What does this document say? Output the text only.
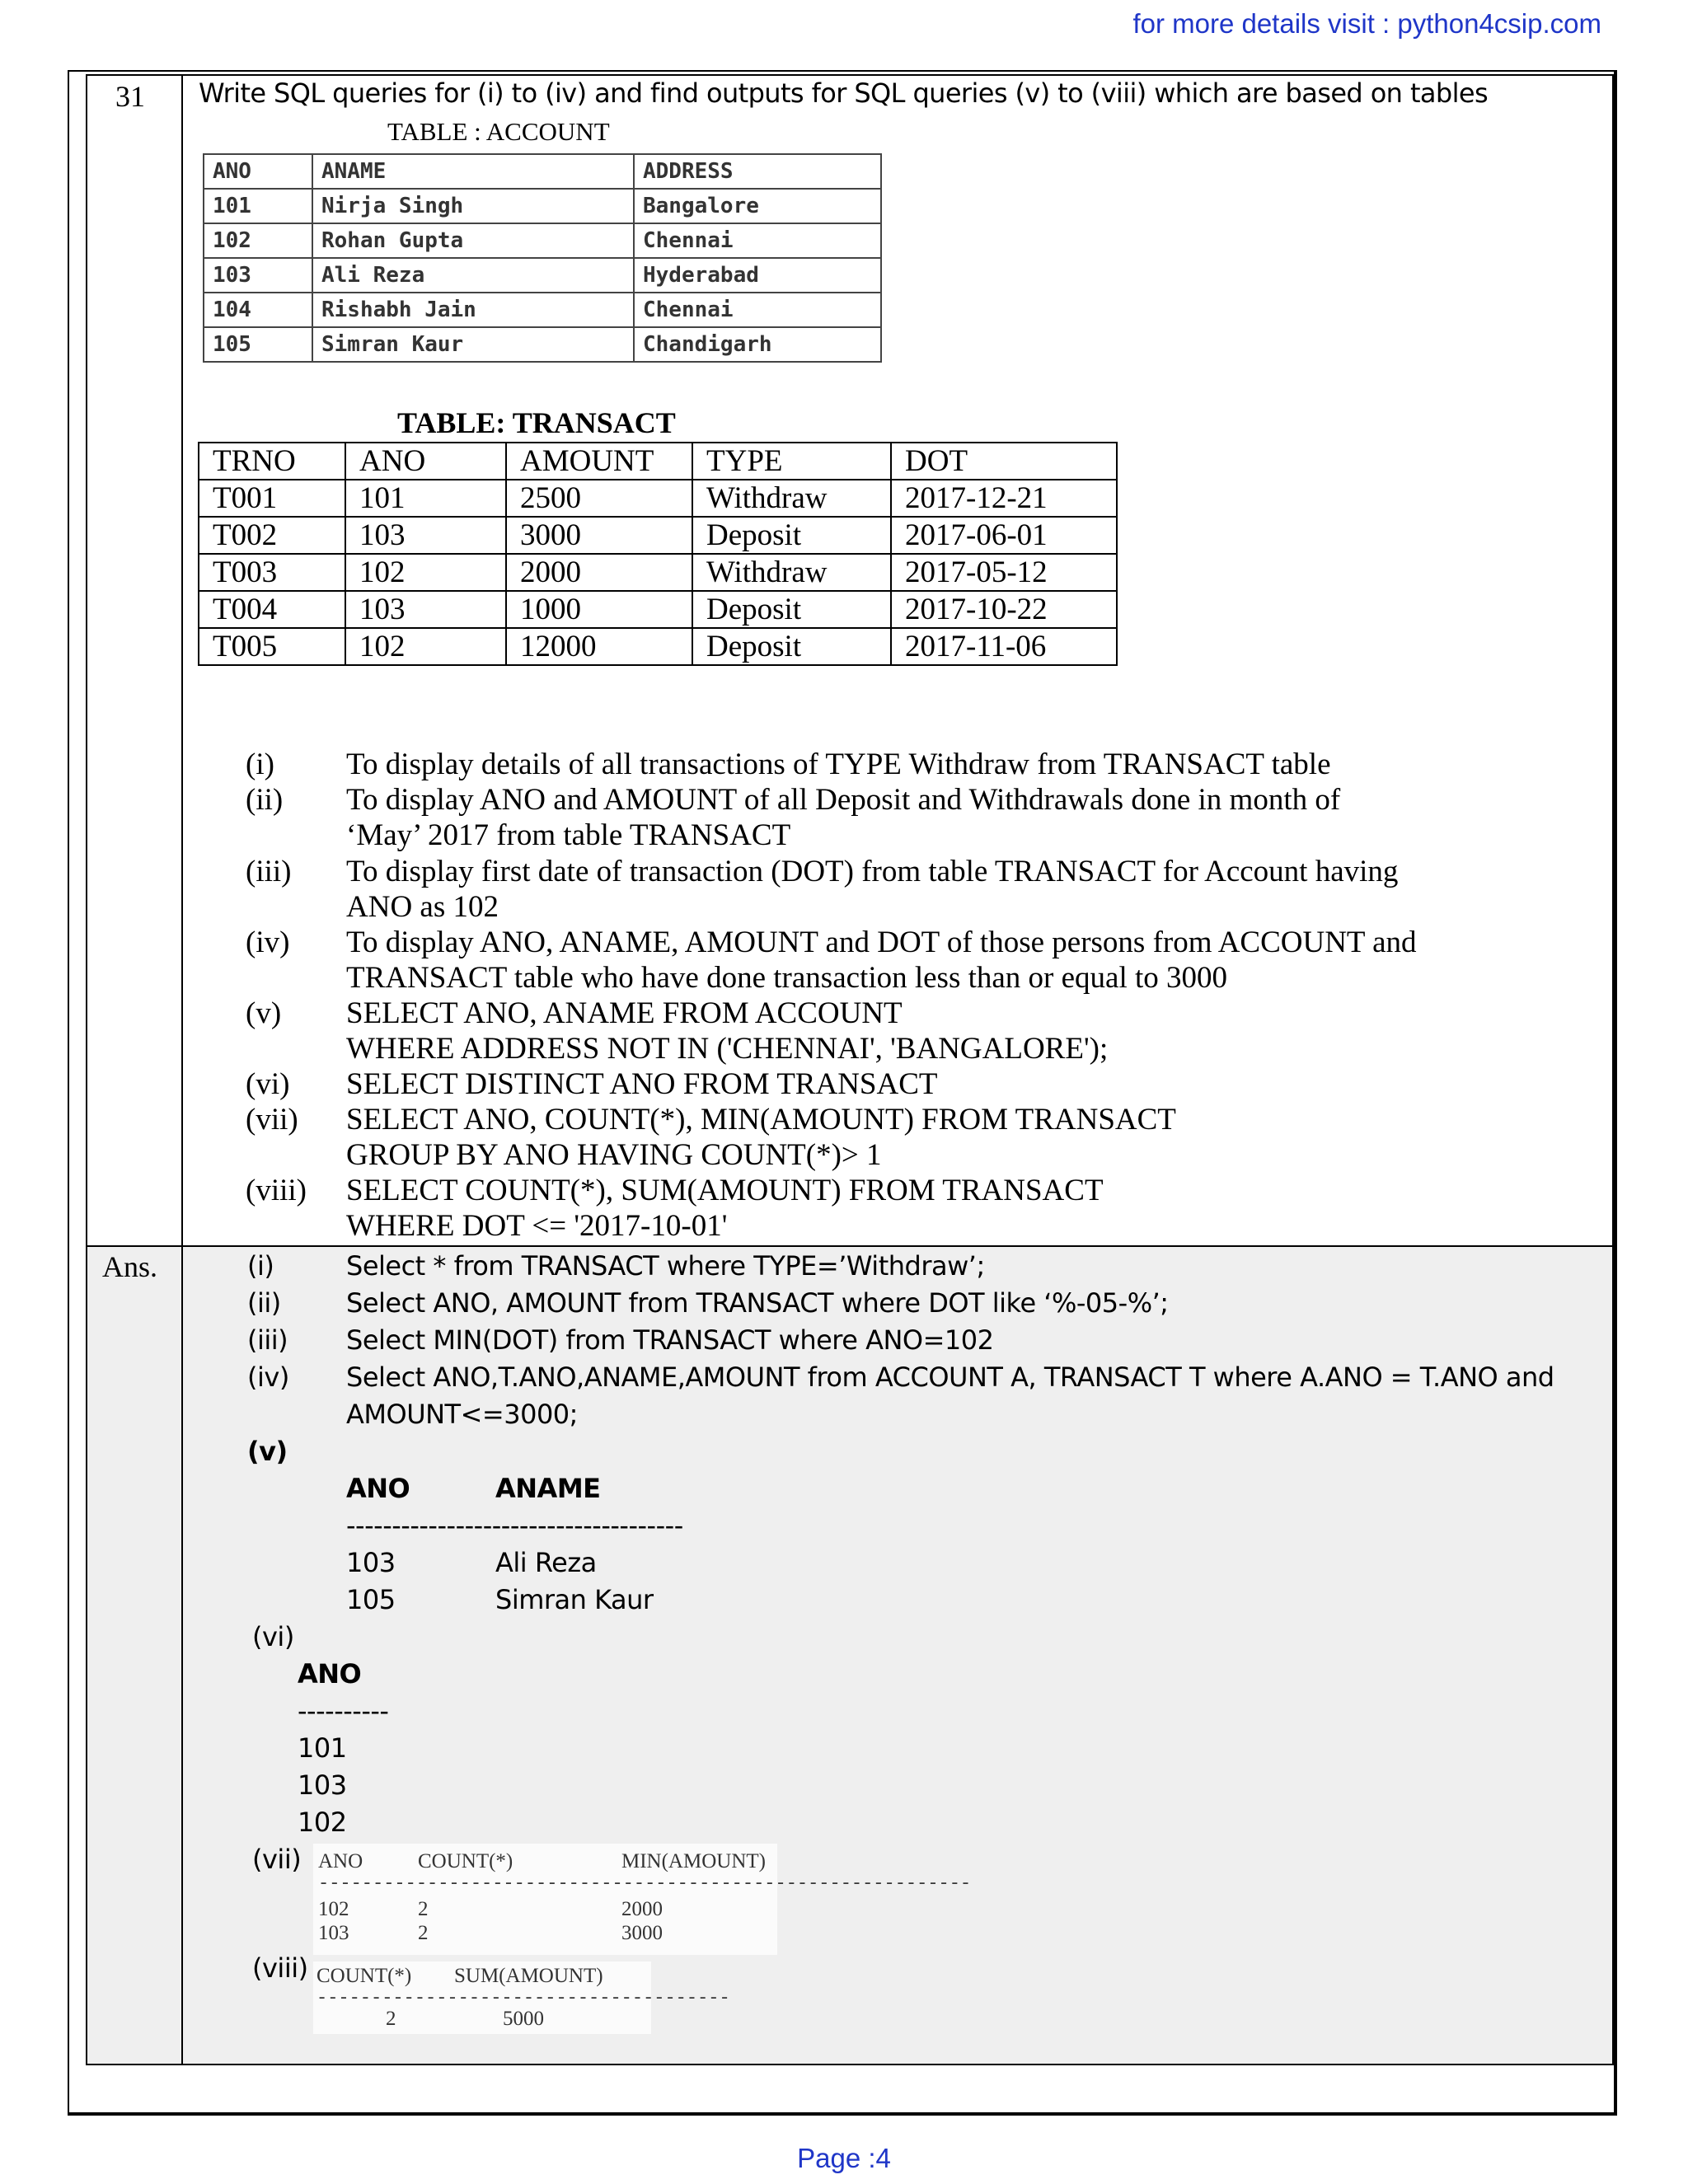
for more details visit : python4csip.com
31
Ans.
Write SQL queries for (i) to (iv) and find outputs for SQL queries (v) to (viii) which are based on tables
TABLE : ACCOUNT
ANO	ANAME	ADDRESS
101	Nirja Singh	Bangalore
102	Rohan Gupta	Chennai
103	Ali Reza	Hyderabad
104	Rishabh Jain	Chennai
105	Simran Kaur	Chandigarh
TABLE: TRANSACT
TRNO	ANO	AMOUNT	TYPE	DOT
T001	101	2500	Withdraw	2017-12-21
T002	103	3000	Deposit	2017-06-01
T003	102	2000	Withdraw	2017-05-12
T004	103	1000	Deposit	2017-10-22
T005	102	12000	Deposit	2017-11-06
(i) To display details of all transactions of TYPE Withdraw from TRANSACT table
(ii) To display ANO and AMOUNT of all Deposit and Withdrawals done in month of
‘May’ 2017 from table TRANSACT
(iii) To display first date of transaction (DOT) from table TRANSACT for Account having
ANO as 102
(iv) To display ANO, ANAME, AMOUNT and DOT of those persons from ACCOUNT and
TRANSACT table who have done transaction less than or equal to 3000
(v) SELECT ANO, ANAME FROM ACCOUNT
WHERE ADDRESS NOT IN ('CHENNAI', 'BANGALORE');
(vi) SELECT DISTINCT ANO FROM TRANSACT
(vii) SELECT ANO, COUNT(*), MIN(AMOUNT) FROM TRANSACT
GROUP BY ANO HAVING COUNT(*)> 1
(viii) SELECT COUNT(*), SUM(AMOUNT) FROM TRANSACT
WHERE DOT <= '2017-10-01'
(i)	Select * from TRANSACT where TYPE=’Withdraw’;
(ii) Select ANO, AMOUNT from TRANSACT where DOT like ‘%-05-%’;
(iii) Select MIN(DOT) from TRANSACT where ANO=102
(iv) Select ANO,T.ANO,ANAME,AMOUNT from ACCOUNT A, TRANSACT T where A.ANO = T.ANO and
AMOUNT<=3000;
(v)
ANO	ANAME
-------------------------------------
103	Ali Reza
105	Simran Kaur
(vi)
ANO
----------
101
103
102
(vii) ANO	COUNT(*)	MIN(AMOUNT)
------------------------------------------------------------
102	2	2000
103	2	3000
(viii) COUNT(*) SUM(AMOUNT)
--------------------------------------
2	5000
Page :4
